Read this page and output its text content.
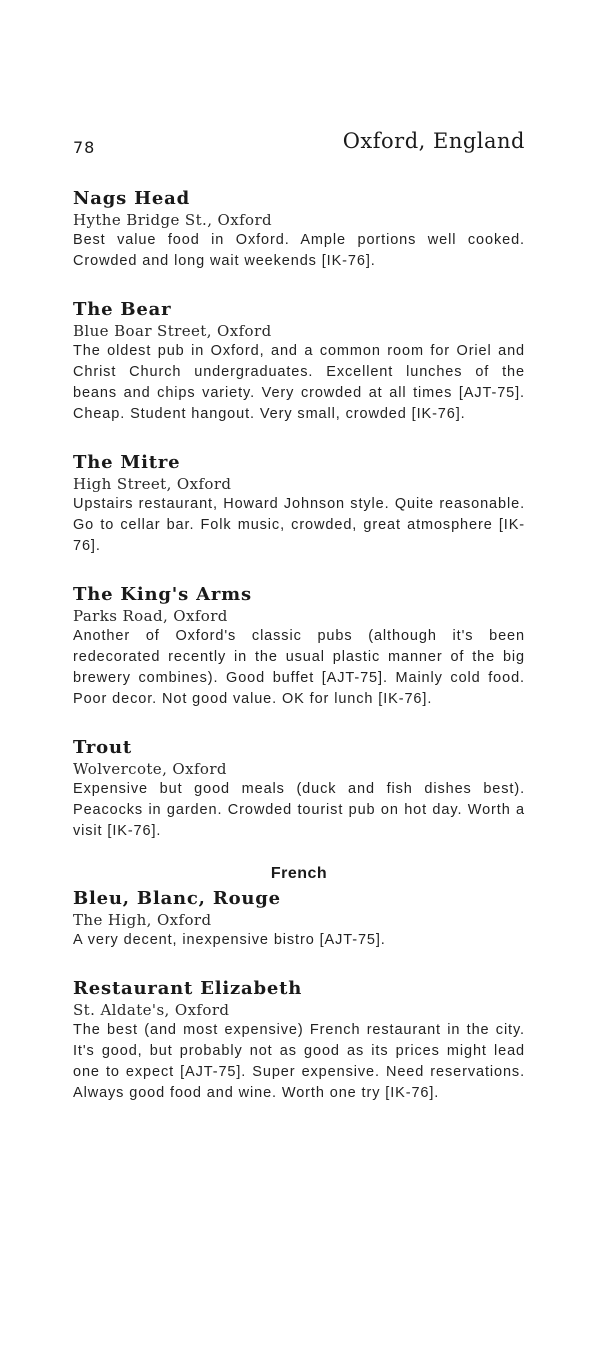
78	Oxford, England
Nags Head
Hythe Bridge St., Oxford
Best value food in Oxford. Ample portions well cooked. Crowded and long wait weekends [IK-76].
The Bear
Blue Boar Street, Oxford
The oldest pub in Oxford, and a common room for Oriel and Christ Church undergraduates. Excellent lunches of the beans and chips variety. Very crowded at all times [AJT-75]. Cheap. Student hangout. Very small, crowded [IK-76].
The Mitre
High Street, Oxford
Upstairs restaurant, Howard Johnson style. Quite reasonable. Go to cellar bar. Folk music, crowded, great atmosphere [IK-76].
The King's Arms
Parks Road, Oxford
Another of Oxford's classic pubs (although it's been redecorated recently in the usual plastic manner of the big brewery combines). Good buffet [AJT-75]. Mainly cold food. Poor decor. Not good value. OK for lunch [IK-76].
Trout
Wolvercote, Oxford
Expensive but good meals (duck and fish dishes best). Peacocks in garden. Crowded tourist pub on hot day. Worth a visit [IK-76].
French
Bleu, Blanc, Rouge
The High, Oxford
A very decent, inexpensive bistro [AJT-75].
Restaurant Elizabeth
St. Aldate's, Oxford
The best (and most expensive) French restaurant in the city. It's good, but probably not as good as its prices might lead one to expect [AJT-75]. Super expensive. Need reservations. Always good food and wine. Worth one try [IK-76].
